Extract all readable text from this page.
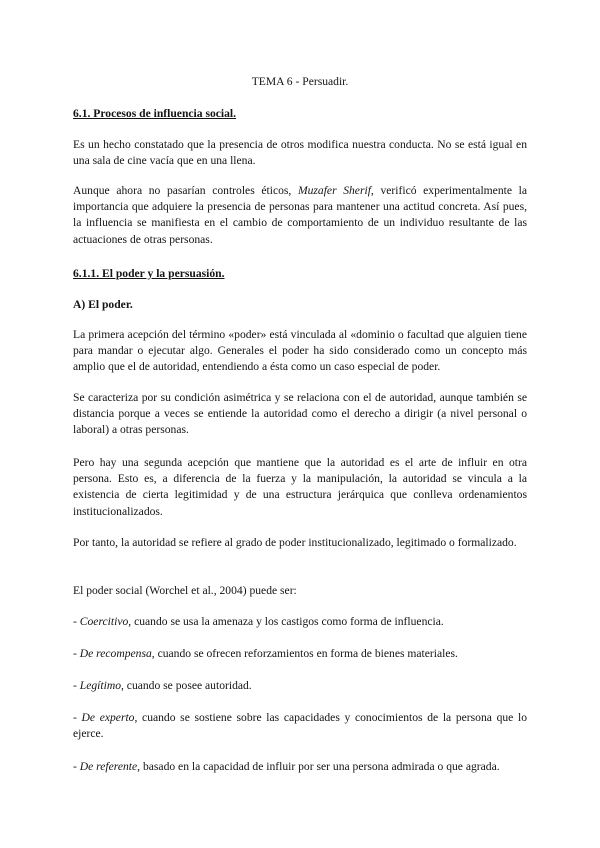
TEMA 6 - Persuadir.
6.1. Procesos de influencia social.

Es un hecho constatado que la presencia de otros modifica nuestra conducta. No se está igual en una sala de cine vacía que en una llena.

Aunque ahora no pasarían controles éticos, Muzafer Sherif, verificó experimentalmente la importancia que adquiere la presencia de personas para mantener una actitud concreta. Así pues, la influencia se manifiesta en el cambio de comportamiento de un individuo resultante de las actuaciones de otras personas.

6.1.1. El poder y la persuasión.
A) El poder.

La primera acepción del término «poder» está vinculada al «dominio o facultad que alguien tiene para mandar o ejecutar algo. Generales el poder ha sido considerado como un concepto más amplio que el de autoridad, entendiendo a ésta como un caso especial de poder.

Se caracteriza por su condición asimétrica y se relaciona con el de autoridad, aunque también se distancia porque a veces se entiende la autoridad como el derecho a dirigir (a nivel personal o laboral) a otras personas.

Pero hay una segunda acepción que mantiene que la autoridad es el arte de influir en otra persona. Esto es, a diferencia de la fuerza y la manipulación, la autoridad se vincula a la existencia de cierta legitimidad y de una estructura jerárquica que conlleva ordenamientos institucionalizados.

Por tanto, la autoridad se refiere al grado de poder institucionalizado, legitimado o formalizado.

El poder social (Worchel et al., 2004) puede ser:

- Coercitivo, cuando se usa la amenaza y los castigos como forma de influencia.

- De recompensa, cuando se ofrecen reforzamientos en forma de bienes materiales.

- Legítimo, cuando se posee autoridad.

- De experto, cuando se sostiene sobre las capacidades y conocimientos de la persona que lo ejerce.

- De referente, basado en la capacidad de influir por ser una persona admirada o que agrada.
